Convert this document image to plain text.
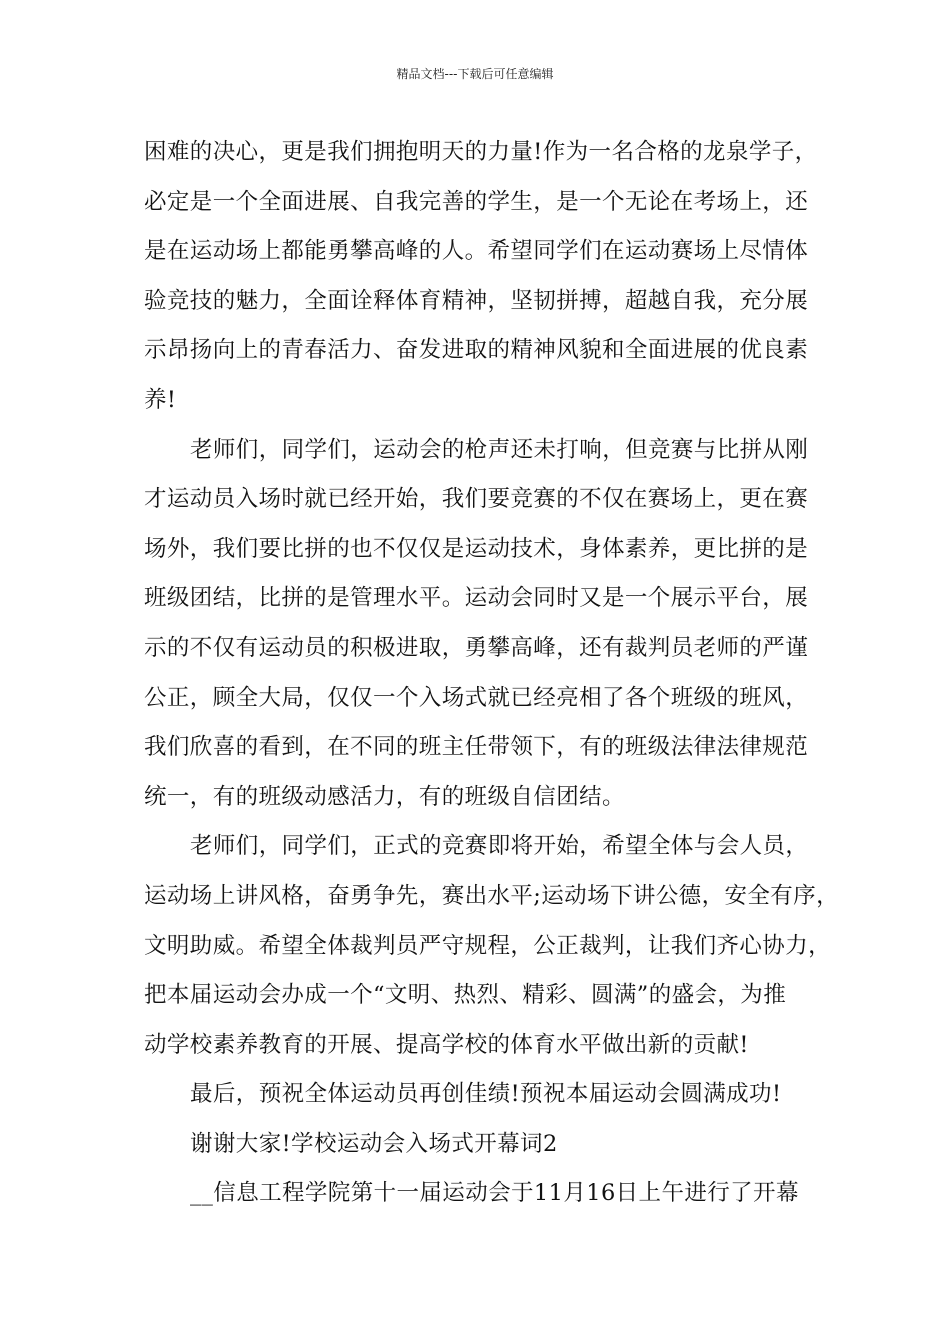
精品文档---下载后可任意编辑
困难的决心，更是我们拥抱明天的力量!作为一名合格的龙泉学子，
必定是一个全面进展、自我完善的学生，是一个无论在考场上，还
是在运动场上都能勇攀高峰的人。希望同学们在运动赛场上尽情体
验竞技的魅力，全面诠释体育精神，坚韧拼搏，超越自我，充分展
示昂扬向上的青春活力、奋发进取的精神风貌和全面进展的优良素
养!
老师们，同学们，运动会的枪声还未打响，但竞赛与比拼从刚
才运动员入场时就已经开始，我们要竞赛的不仅在赛场上，更在赛
场外，我们要比拼的也不仅仅是运动技术，身体素养，更比拼的是
班级团结，比拼的是管理水平。运动会同时又是一个展示平台，展
示的不仅有运动员的积极进取，勇攀高峰，还有裁判员老师的严谨
公正，顾全大局，仅仅一个入场式就已经亮相了各个班级的班风，
我们欣喜的看到，在不同的班主任带领下，有的班级法律法律规范
统一，有的班级动感活力，有的班级自信团结。
老师们，同学们，正式的竞赛即将开始，希望全体与会人员，
运动场上讲风格，奋勇争先，赛出水平;运动场下讲公德，安全有序，
文明助威。希望全体裁判员严守规程，公正裁判，让我们齐心协力，
把本届运动会办成一个“文明、热烈、精彩、圆满”的盛会，为推
动学校素养教育的开展、提高学校的体育水平做出新的贡献!
最后，预祝全体运动员再创佳绩!预祝本届运动会圆满成功!
谢谢大家!学校运动会入场式开幕词2
__信息工程学院第十一届运动会于11月16日上午进行了开幕
